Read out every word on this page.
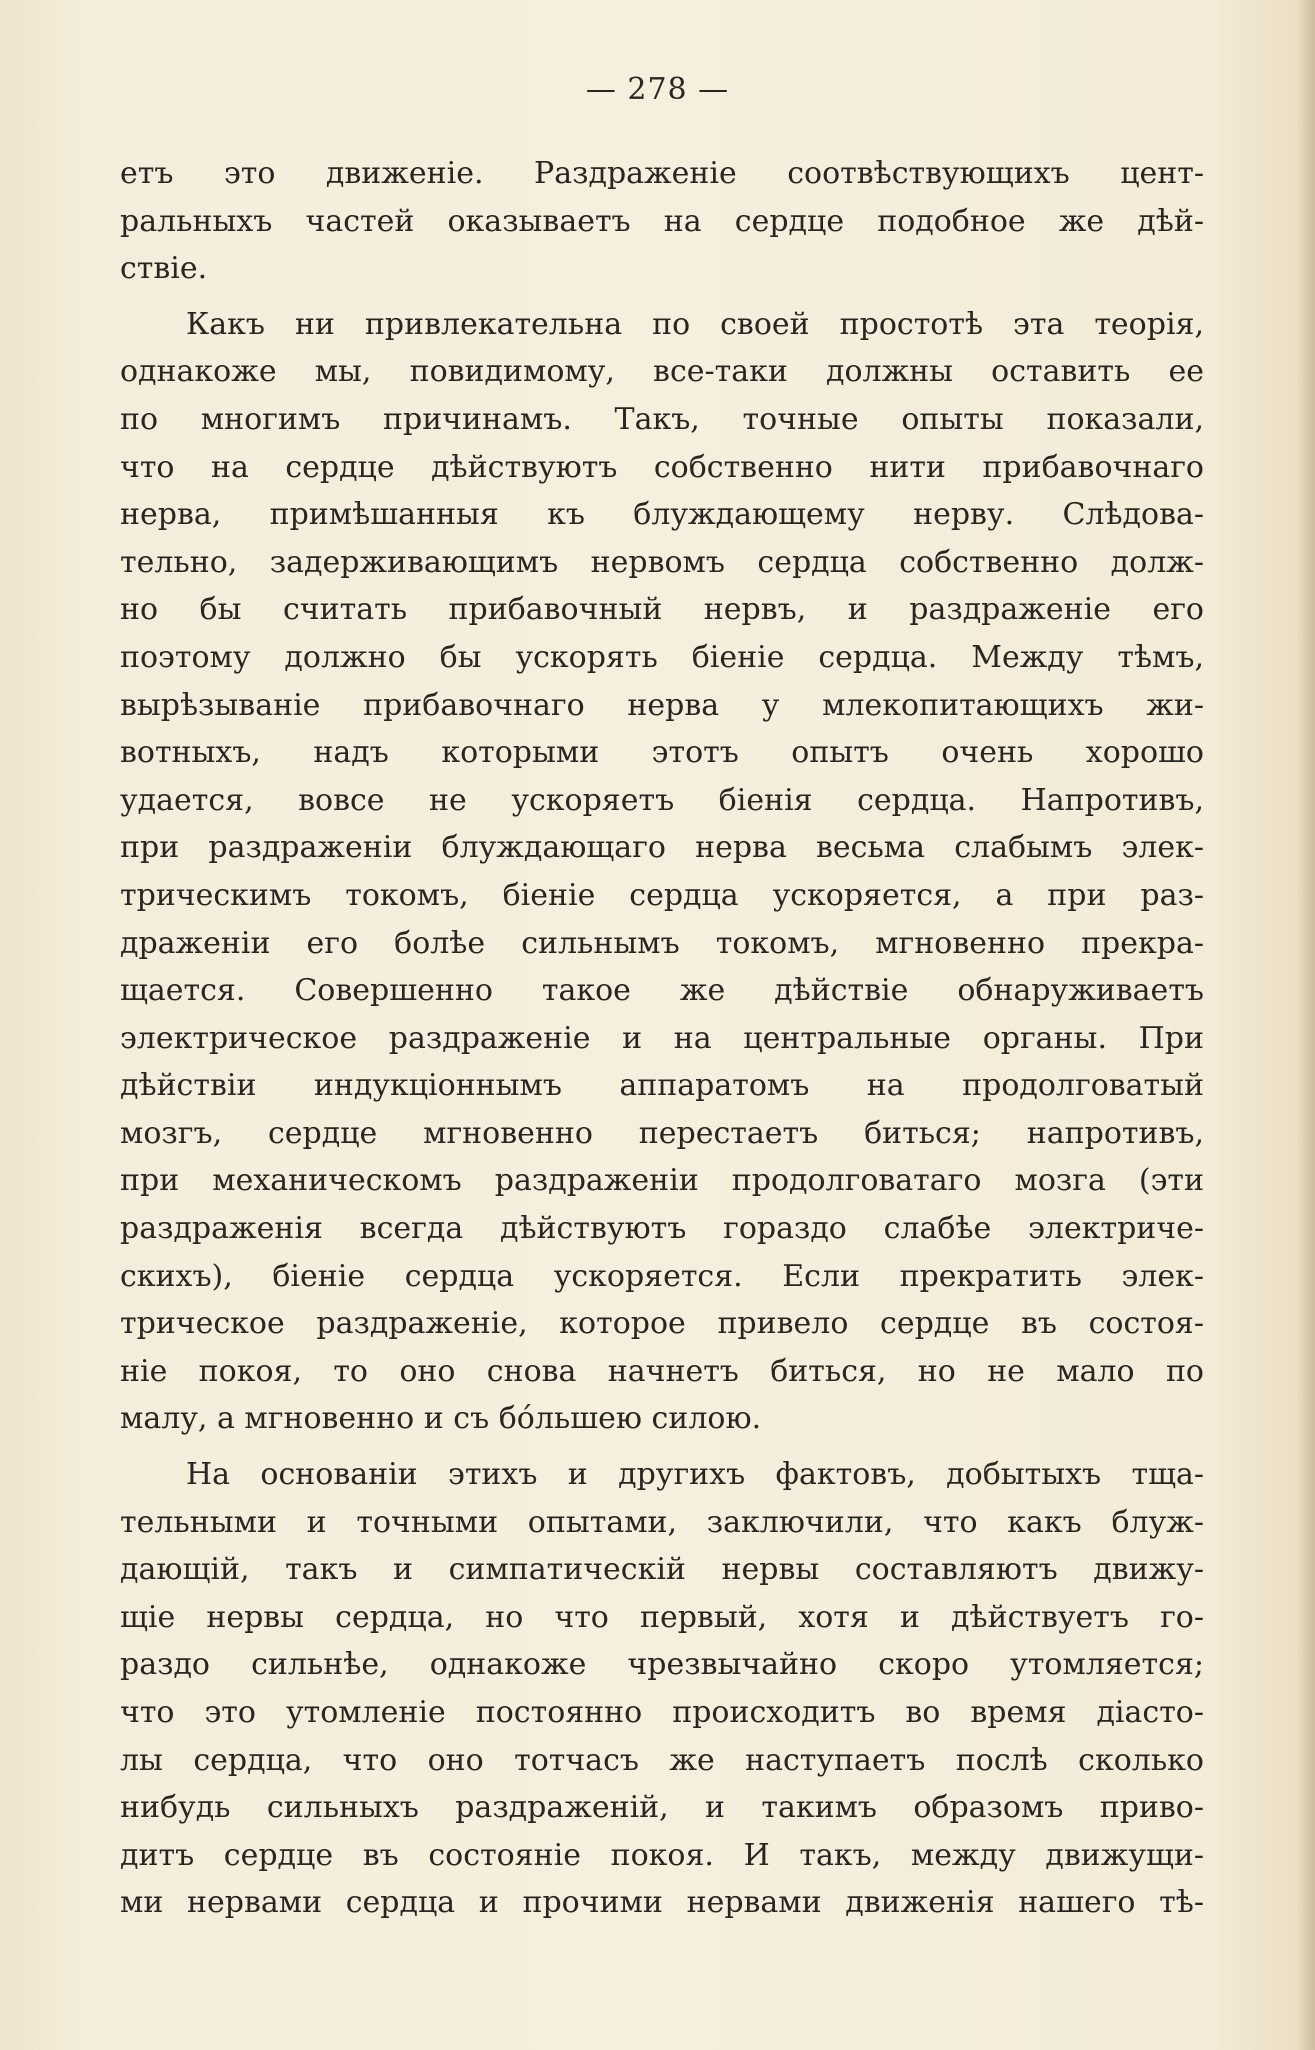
— 278 —
етъ это движеніе. Раздраженіе соотвѣствующихъ цент-
ральныхъ частей оказываетъ на сердце подобное же дѣй-
ствіе.
Какъ ни привлекательна по своей простотѣ эта теорія,
однакоже мы, повидимому, все-таки должны оставить ее
по многимъ причинамъ. Такъ, точные опыты показали,
что на сердце дѣйствуютъ собственно нити прибавочнаго
нерва, примѣшанныя къ блуждающему нерву. Слѣдова-
тельно, задерживающимъ нервомъ сердца собственно долж-
но бы считать прибавочный нервъ, и раздраженіе его
поэтому должно бы ускорять біеніе сердца. Между тѣмъ,
вырѣзываніе прибавочнаго нерва у млекопитающихъ жи-
вотныхъ, надъ которыми этотъ опытъ очень хорошо
удается, вовсе не ускоряетъ біенія сердца. Напротивъ,
при раздраженіи блуждающаго нерва весьма слабымъ элек-
трическимъ токомъ, біеніе сердца ускоряется, а при раз-
драженіи его болѣе сильнымъ токомъ, мгновенно прекра-
щается. Совершенно такое же дѣйствіе обнаруживаетъ
электрическое раздраженіе и на центральные органы. При
дѣйствіи индукціоннымъ аппаратомъ на продолговатый
мозгъ, сердце мгновенно перестаетъ биться; напротивъ,
при механическомъ раздраженіи продолговатаго мозга (эти
раздраженія всегда дѣйствуютъ гораздо слабѣе электриче-
скихъ), біеніе сердца ускоряется. Если прекратить элек-
трическое раздраженіе, которое привело сердце въ состоя-
ніе покоя, то оно снова начнетъ биться, но не мало по
малу, а мгновенно и съ бо́льшею силою.
На основаніи этихъ и другихъ фактовъ, добытыхъ тща-
тельными и точными опытами, заключили, что какъ блуж-
дающій, такъ и симпатическій нервы составляютъ движу-
щіе нервы сердца, но что первый, хотя и дѣйствуетъ го-
раздо сильнѣе, однакоже чрезвычайно скоро утомляется;
что это утомленіе постоянно происходитъ во время діасто-
лы сердца, что оно тотчасъ же наступаетъ послѣ сколько
нибудь сильныхъ раздраженій, и такимъ образомъ приво-
дитъ сердце въ состояніе покоя. И такъ, между движущи-
ми нервами сердца и прочими нервами движенія нашего тѣ-
